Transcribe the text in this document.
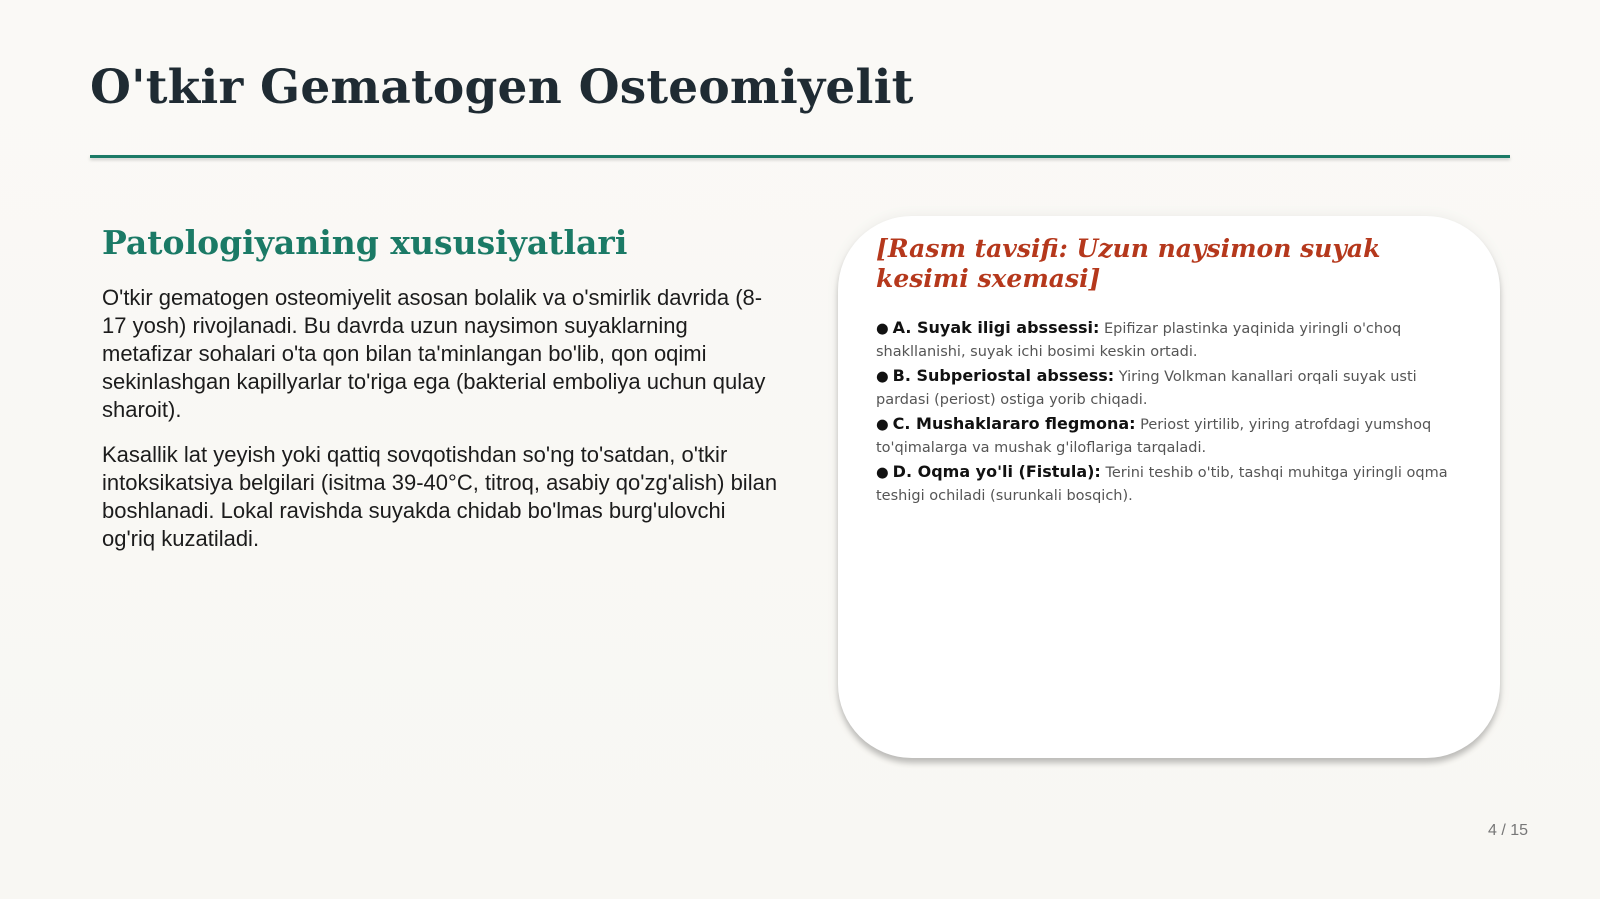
O'tkir Gematogen Osteomiyelit
Patologiyaning xususiyatlari

O'tkir gematogen osteomiyelit asosan bolalik va o'smirlik davrida (8-17 yosh) rivojlanadi. Bu davrda uzun naysimon suyaklarning metafizar sohalari o'ta qon bilan ta'minlangan bo'lib, qon oqimi sekinlashgan kapillyarlar to'riga ega (bakterial emboliya uchun qulay sharoit).

Kasallik lat yeyish yoki qattiq sovqotishdan so'ng to'satdan, o'tkir intoksikatsiya belgilari (isitma 39-40°C, titroq, asabiy qo'zg'alish) bilan boshlanadi. Lokal ravishda suyakda chidab bo'lmas burg'ulovchi og'riq kuzatiladi.

[Rasm tavsifi: Uzun naysimon suyak kesimi sxemasi]
● A. Suyak iligi abssessi: Epifizar plastinka yaqinida yiringli o'choq shakllanishi, suyak ichi bosimi keskin ortadi.
● B. Subperiostal abssess: Yiring Volkman kanallari orqali suyak usti pardasi (periost) ostiga yorib chiqadi.
● C. Mushaklararo flegmona: Periost yirtilib, yiring atrofdagi yumshoq to'qimalarga va mushak g'iloflariga tarqaladi.
● D. Oqma yo'li (Fistula): Terini teshib o'tib, tashqi muhitga yiringli oqma teshigi ochiladi (surunkali bosqich).
4 / 15
